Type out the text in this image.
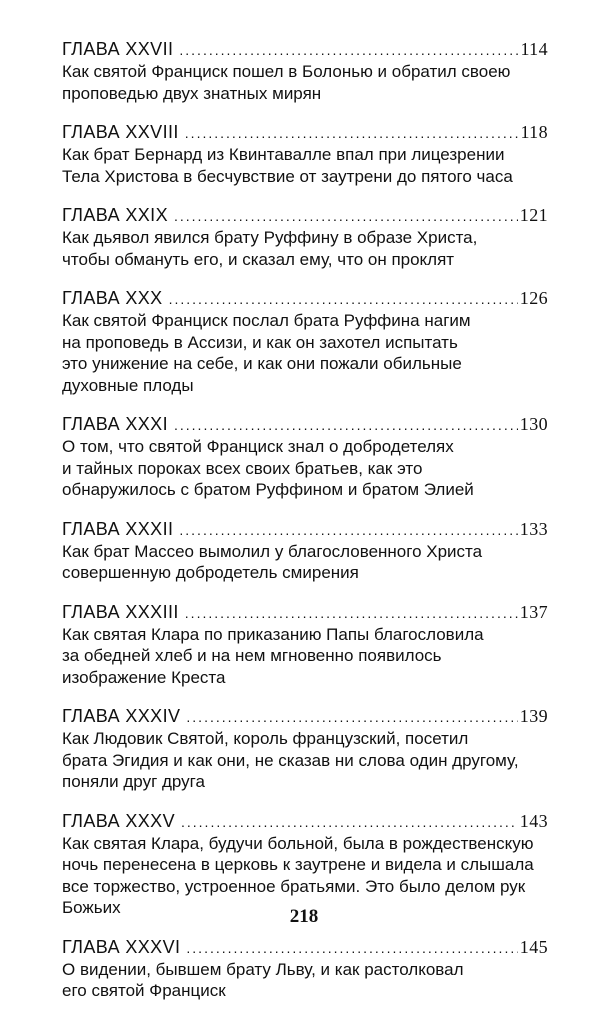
ГЛАВА XXVII .....	114
Как святой Франциск пошел в Болонью и обратил своею
проповедью двух знатных мирян
ГЛАВА XXVIII .....	118
Как брат Бернард из Квинтавалле впал при лицезрении
Тела Христова в бесчувствие от заутрени до пятого часа
ГЛАВА XXIX .....	121
Как дьявол явился брату Руффину в образе Христа,
чтобы обмануть его, и сказал ему, что он проклят
ГЛАВА XXX .....	126
Как святой Франциск послал брата Руффина нагим
на проповедь в Ассизи, и как он захотел испытать
это унижение на себе, и как они пожали обильные
духовные плоды
ГЛАВА XXXI .....	130
О том, что святой Франциск знал о добродетелях
и тайных пороках всех своих братьев, как это
обнаружилось с братом Руффином и братом Элией
ГЛАВА XXXII .....	133
Как брат Массео вымолил у благословенного Христа
совершенную добродетель смирения
ГЛАВА XXXIII .....	137
Как святая Клара по приказанию Папы благословила
за обедней хлеб и на нем мгновенно появилось
изображение Креста
ГЛАВА XXXIV .....	139
Как Людовик Святой, король французский, посетил
брата Эгидия и как они, не сказав ни слова один другому,
поняли друг друга
ГЛАВА XXXV .....	143
Как святая Клара, будучи больной, была в рождественскую
ночь перенесена в церковь к заутрене и видела и слышала
все торжество, устроенное братьями. Это было делом рук
Божьих
ГЛАВА XXXVI .....	145
О видении, бывшем брату Льву, и как растолковал
его святой Франциск
218
